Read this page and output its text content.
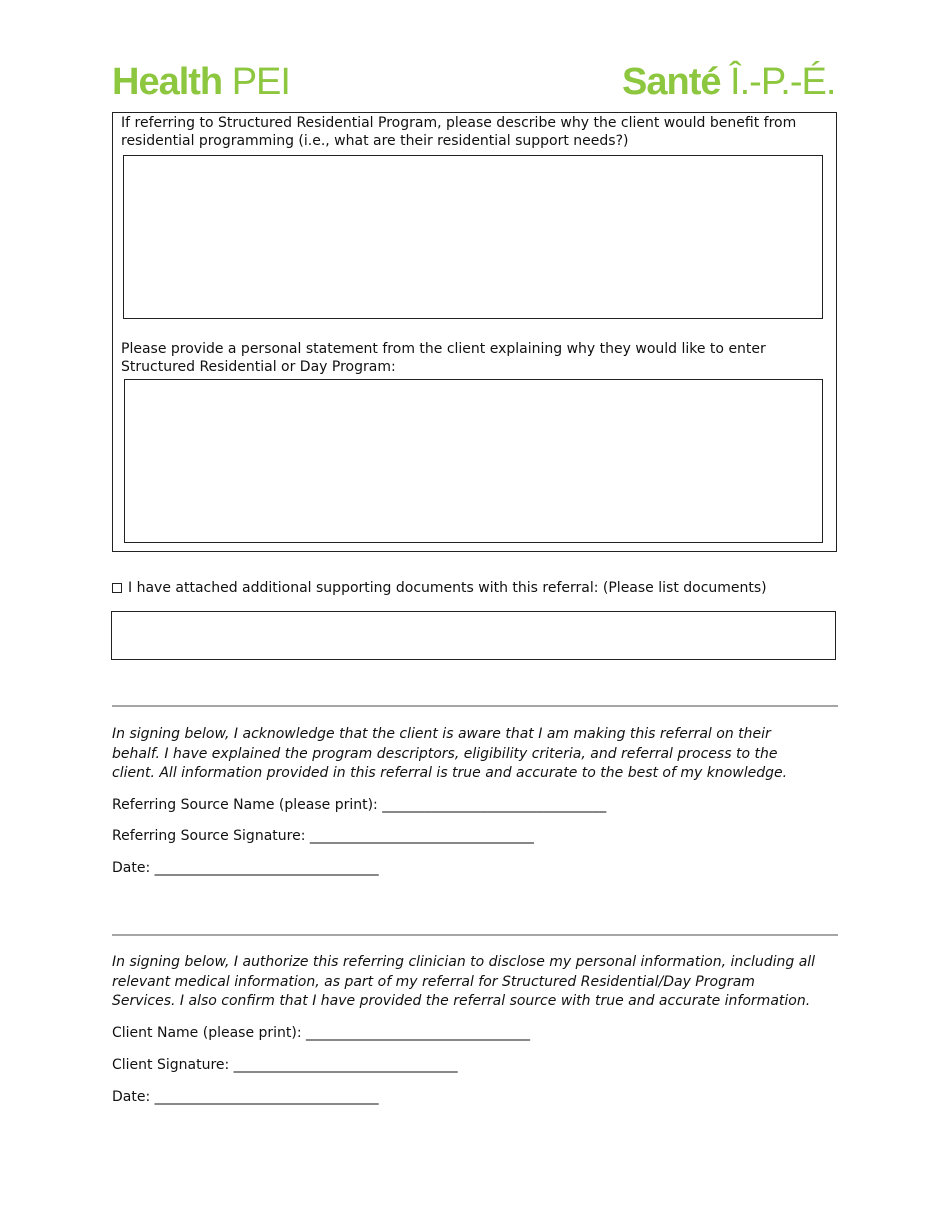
Health PEI	Santé Î.-P.-É.
If referring to Structured Residential Program, please describe why the client would benefit from residential programming (i.e., what are their residential support needs?)
Please provide a personal statement from the client explaining why they would like to enter Structured Residential or Day Program:
I have attached additional supporting documents with this referral: (Please list documents)
In signing below, I acknowledge that the client is aware that I am making this referral on their behalf. I have explained the program descriptors, eligibility criteria, and referral process to the client. All information provided in this referral is true and accurate to the best of my knowledge.
Referring Source Name (please print): ________________________________
Referring Source Signature: ________________________________
Date: ________________________________
In signing below, I authorize this referring clinician to disclose my personal information, including all relevant medical information, as part of my referral for Structured Residential/Day Program Services. I also confirm that I have provided the referral source with true and accurate information.
Client Name (please print): ________________________________
Client Signature: ________________________________
Date: ________________________________
